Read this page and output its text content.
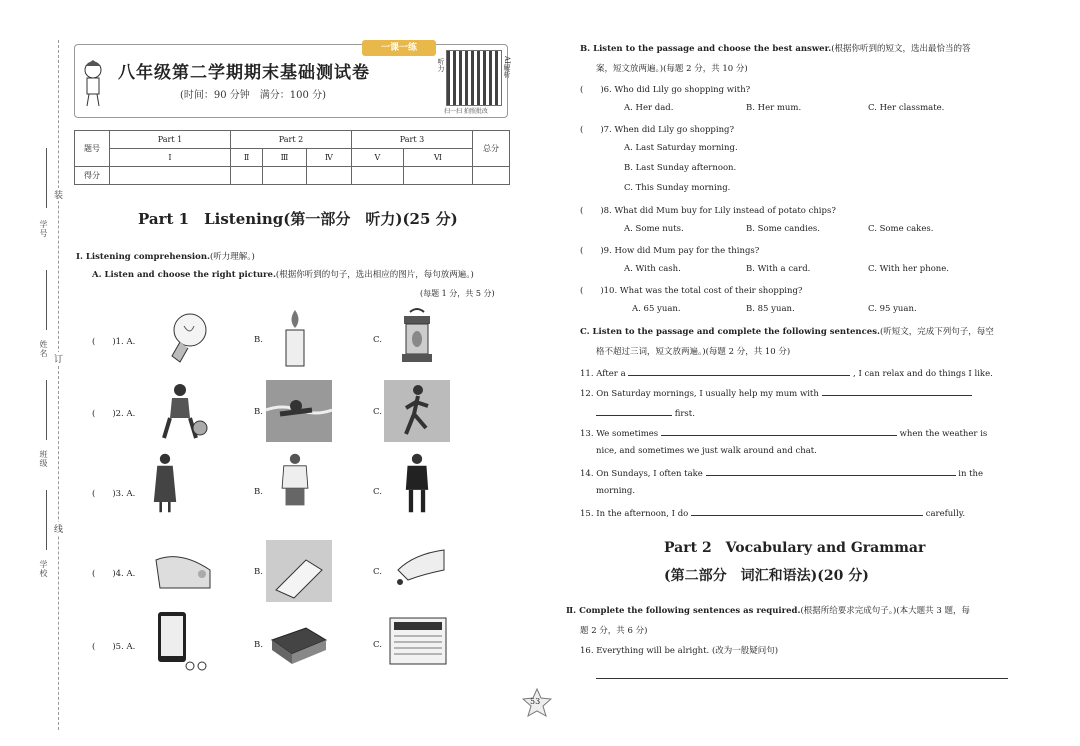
学号
姓名
班级
学校
装
订
线
一课一练
八年级第二学期期末基础测试卷
(时间：90 分钟　满分：100 分)
听力	AI解析
扫一扫 拍照批改
题号	Part 1	Part 2			Part 3		总分
	Ⅰ	Ⅱ	Ⅲ	Ⅳ	Ⅴ	Ⅵ	
得分							
Part 1　Listening(第一部分　听力)(25 分)
Ⅰ. Listening comprehension.(听力理解。)
A. Listen and choose the right picture.(根据你听到的句子，选出相应的图片，每句放两遍。)
(每题 1 分，共 5 分)
(　　)1. A.	B.	C.
(　　)2. A.	B.	C.
(　　)3. A.	B.	C.
(　　)4. A.	B.	C.
(　　)5. A.	B.	C.
53
B. Listen to the passage and choose the best answer.(根据你听到的短文，选出最恰当的答
案，短文放两遍。)(每题 2 分，共 10 分)
(　　)6. Who did Lily go shopping with?
A. Her dad.	B. Her mum.	C. Her classmate.
(　　)7. When did Lily go shopping?
A. Last Saturday morning.
B. Last Sunday afternoon.
C. This Sunday morning.
(　　)8. What did Mum buy for Lily instead of potato chips?
A. Some nuts.	B. Some candies.	C. Some cakes.
(　　)9. How did Mum pay for the things?
A. With cash.	B. With a card.	C. With her phone.
(　　)10. What was the total cost of their shopping?
A. 65 yuan.	B. 85 yuan.	C. 95 yuan.
C. Listen to the passage and complete the following sentences.(听短文，完成下列句子，每空
格不超过三词，短文放两遍。)(每题 2 分，共 10 分)
11. After a	, I can relax and do things I like.
12. On Saturday mornings, I usually help my mum with
first.
13. We sometimes	when the weather is
nice, and sometimes we just walk around and chat.
14. On Sundays, I often take	in the
morning.
15. In the afternoon, I do	carefully.
Part 2　Vocabulary and Grammar
(第二部分　词汇和语法)(20 分)
Ⅱ. Complete the following sentences as required.(根据所给要求完成句子。)(本大题共 3 题，每
题 2 分，共 6 分)
16. Everything will be alright. (改为一般疑问句)
